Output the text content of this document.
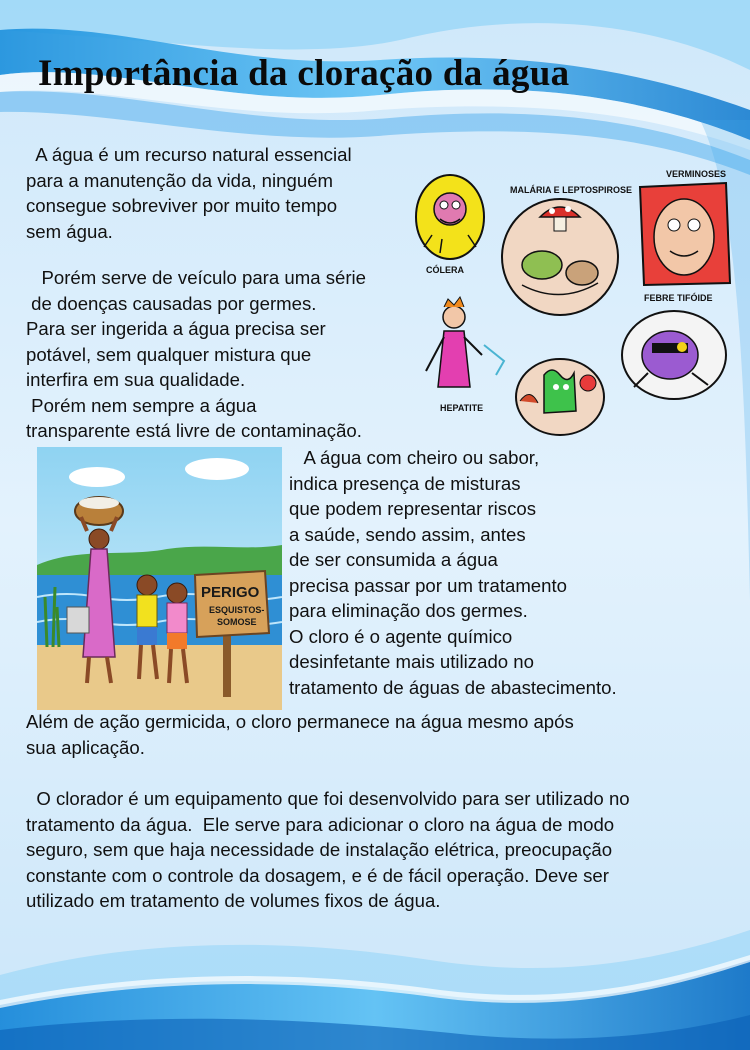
Importância da cloração da água

A água é um recurso natural essencial
para a manutenção da vida, ninguém
consegue sobreviver por muito tempo
sem água.

Porém serve de veículo para uma série
de doenças causadas por germes.
Para ser ingerida a água precisa ser
potável, sem qualquer mistura que
interfira em sua qualidade.
Porém nem sempre a água
transparente está livre de contaminação.

A água com cheiro ou sabor,
indica presença de misturas
que podem representar riscos
a saúde, sendo assim, antes
de ser consumida a água
precisa passar por um tratamento
para eliminação dos germes.
O cloro é o agente químico
desinfetante mais utilizado no
tratamento de águas de abastecimento.

Além de ação germicida, o cloro permanece na água mesmo após
sua aplicação.

O clorador é um equipamento que foi desenvolvido para ser utilizado no
tratamento da água.  Ele serve para adicionar o cloro na água de modo
seguro, sem que haja necessidade de instalação elétrica, preocupação
constante com o controle da dosagem, e é de fácil operação. Deve ser
utilizado em tratamento de volumes fixos de água.

CÓLERA
MALÁRIA E LEPTOSPIROSE
VERMINOSES
FEBRE TIFÓIDE
HEPATITE
PERIGO
ESQUISTOS-
SOMOSE
